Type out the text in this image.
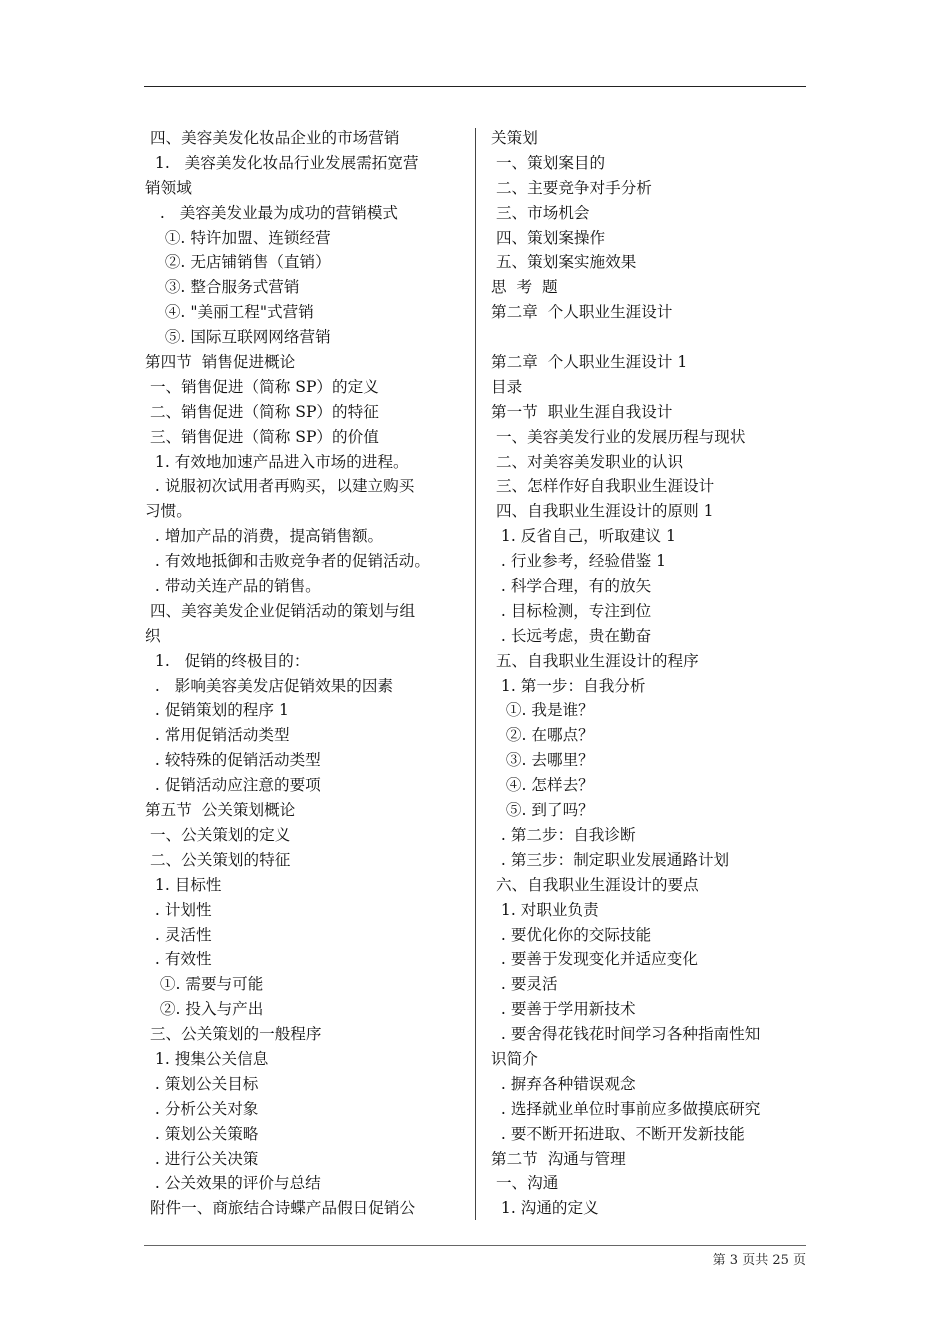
四、美容美发化妆品企业的市场营销
1.   美容美发化妆品行业发展需拓宽营
销领域
.   美容美发业最为成功的营销模式
①. 特许加盟、连锁经营
②. 无店铺销售（直销）
③. 整合服务式营销
④. "美丽工程"式营销
⑤. 国际互联网网络营销
第四节  销售促进概论
一、销售促进（简称 SP）的定义
二、销售促进（简称 SP）的特征
三、销售促进（简称 SP）的价值
1. 有效地加速产品进入市场的进程。
. 说服初次试用者再购买，以建立购买
习惯。
. 增加产品的消费，提高销售额。
. 有效地抵御和击败竞争者的促销活动。
. 带动关连产品的销售。
四、美容美发企业促销活动的策划与组
织
1.   促销的终极目的：
.   影响美容美发店促销效果的因素
. 促销策划的程序 1
. 常用促销活动类型
. 较特殊的促销活动类型
. 促销活动应注意的要项
第五节  公关策划概论
一、公关策划的定义
二、公关策划的特征
1. 目标性
. 计划性
. 灵活性
. 有效性
①. 需要与可能
②. 投入与产出
三、公关策划的一般程序
1. 搜集公关信息
. 策划公关目标
. 分析公关对象
. 策划公关策略
. 进行公关决策
. 公关效果的评价与总结
附件一、商旅结合诗蝶产品假日促销公
关策划
一、策划案目的
二、主要竞争对手分析
三、市场机会
四、策划案操作
五、策划案实施效果
思  考  题
第二章  个人职业生涯设计
第二章  个人职业生涯设计 1
目录
第一节  职业生涯自我设计
一、美容美发行业的发展历程与现状
二、对美容美发职业的认识
三、怎样作好自我职业生涯设计
四、自我职业生涯设计的原则 1
1. 反省自己，听取建议 1
. 行业参考，经验借鉴 1
. 科学合理，有的放矢
. 目标检测，专注到位
. 长远考虑，贵在勤奋
五、自我职业生涯设计的程序
1. 第一步：自我分析
①. 我是谁？
②. 在哪点？
③. 去哪里？
④. 怎样去？
⑤. 到了吗？
. 第二步：自我诊断
. 第三步：制定职业发展通路计划
六、自我职业生涯设计的要点
1. 对职业负责
. 要优化你的交际技能
. 要善于发现变化并适应变化
. 要灵活
. 要善于学用新技术
. 要舍得花钱花时间学习各种指南性知
识简介
. 摒弃各种错误观念
. 选择就业单位时事前应多做摸底研究
. 要不断开拓进取、不断开发新技能
第二节  沟通与管理
一、沟通
1. 沟通的定义
第 3 页共 25 页
